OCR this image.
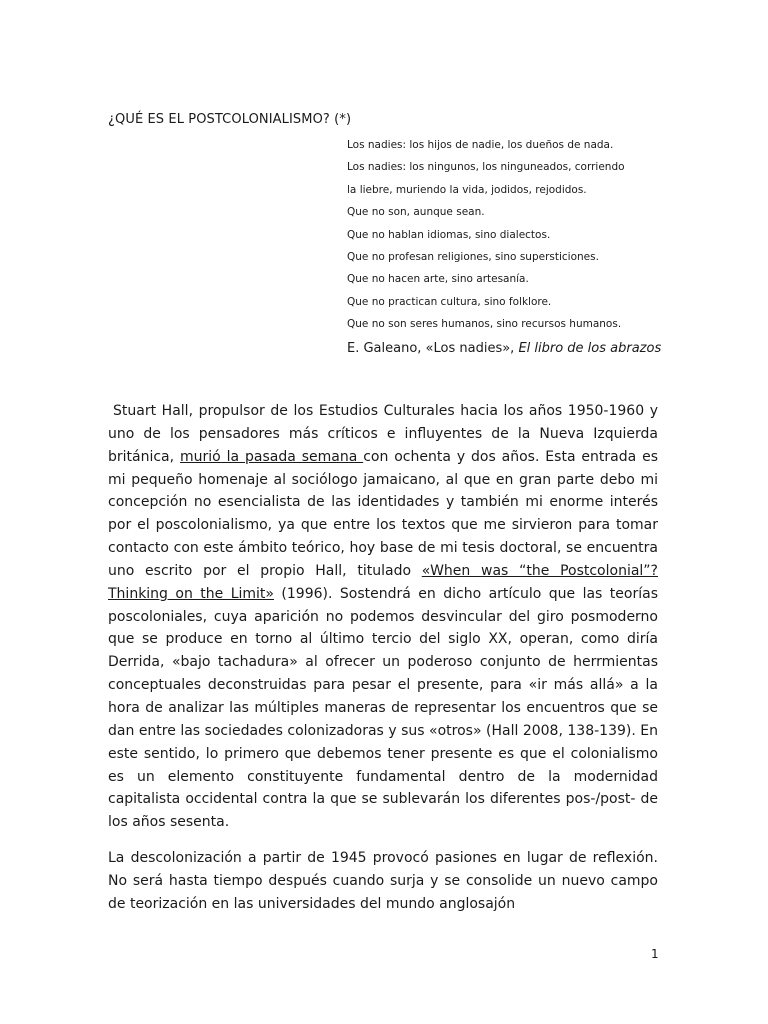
¿QUÉ ES EL POSTCOLONIALISMO? (*)
Los nadies: los hijos de nadie, los dueños de nada.
Los nadies: los ningunos, los ninguneados, corriendo
la liebre, muriendo la vida, jodidos, rejodidos.
Que no son, aunque sean.
Que no hablan idiomas, sino dialectos.
Que no profesan religiones, sino supersticiones.
Que no hacen arte, sino artesanía.
Que no practican cultura, sino folklore.
Que no son seres humanos, sino recursos humanos.
E. Galeano, «Los nadies», El libro de los abrazos

Stuart Hall, propulsor de los Estudios Culturales hacia los años 1950-1960 y uno de los pensadores más críticos e influyentes de la Nueva Izquierda británica, murió la pasada semana con ochenta y dos años. Esta entrada es mi pequeño homenaje al sociólogo jamaicano, al que en gran parte debo mi concepción no esencialista de las identidades y también mi enorme interés por el poscolonialismo, ya que entre los textos que me sirvieron para tomar contacto con este ámbito teórico, hoy base de mi tesis doctoral, se encuentra uno escrito por el propio Hall, titulado «When was “the Postcolonial”? Thinking on the Limit» (1996). Sostendrá en dicho artículo que las teorías poscoloniales, cuya aparición no podemos desvincular del giro posmoderno que se produce en torno al último tercio del siglo XX, operan, como diría Derrida, «bajo tachadura» al ofrecer un poderoso conjunto de herrmientas conceptuales deconstruidas para pesar el presente, para «ir más allá» a la hora de analizar las múltiples maneras de representar los encuentros que se dan entre las sociedades colonizadoras y sus «otros» (Hall 2008, 138-139). En este sentido, lo primero que debemos tener presente es que el colonialismo es un elemento constituyente fundamental dentro de la modernidad capitalista occidental contra la que se sublevarán los diferentes pos-/post- de los años sesenta.

La descolonización a partir de 1945 provocó pasiones en lugar de reflexión. No será hasta tiempo después cuando surja y se consolide un nuevo campo de teorización en las universidades del mundo anglosajón

1
